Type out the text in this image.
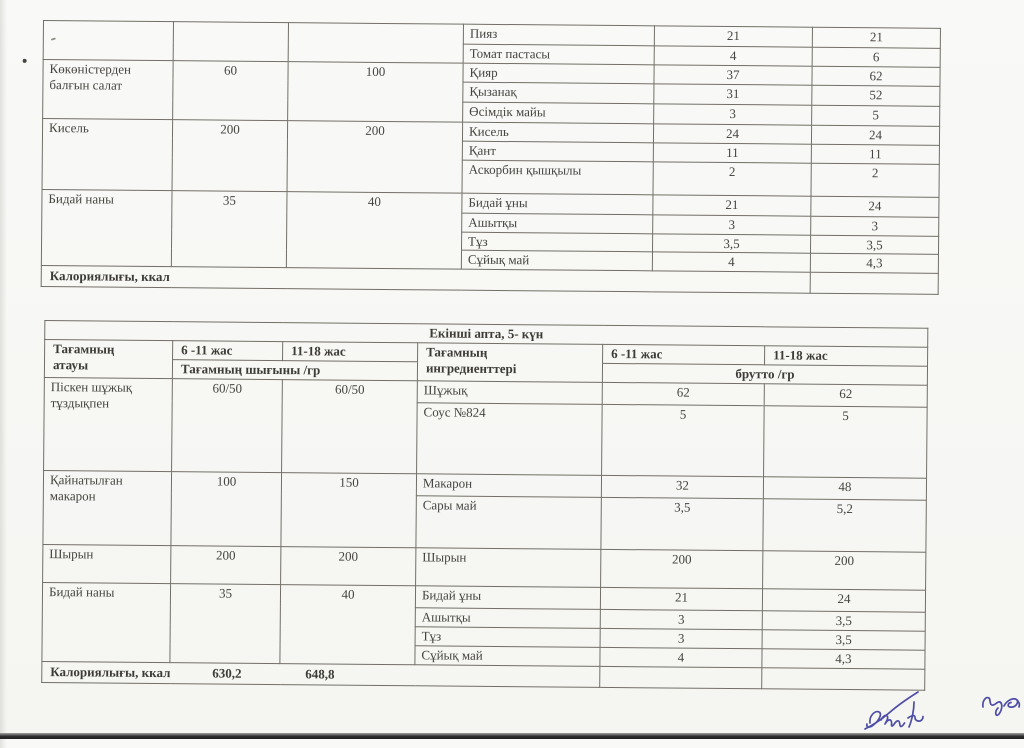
			Пияз	21	21
			Томат пастасы	4	6
Көкөністерден балғын салат	60	100	Қияр	37	62
			Қызанақ	31	52
			Өсімдік майы	3	5
Кисель	200	200	Кисель	24	24
			Қант	11	11
			Аскорбин қышқылы	2	2
Бидай наны	35	40	Бидай ұны	21	24
			Ашытқы	3	3
			Тұз	3,5	3,5
			Сұйық май	4	4,3
Калориялығы, ккал					
Екінші апта, 5- күн					
Тағамның атауы	6 -11 жас	11-18 жас	Тағамның ингредиенттері	6 -11 жас	11-18 жас
	Тағамның шығыны /гр			брутто /гр	
Піскен шұжық тұздықпен	60/50	60/50	Шұжық	62	62
			Соус №824	5	5
Қайнатылған макарон	100	150	Макарон	32	48
			Сары май	3,5	5,2
Шырын	200	200	Шырын	200	200
Бидай наны	35	40	Бидай ұны	21	24
			Ашытқы	3	3,5
			Тұз	3	3,5
			Сұйық май	4	4,3

Калориялығы, ккал 630,2 648,8					
